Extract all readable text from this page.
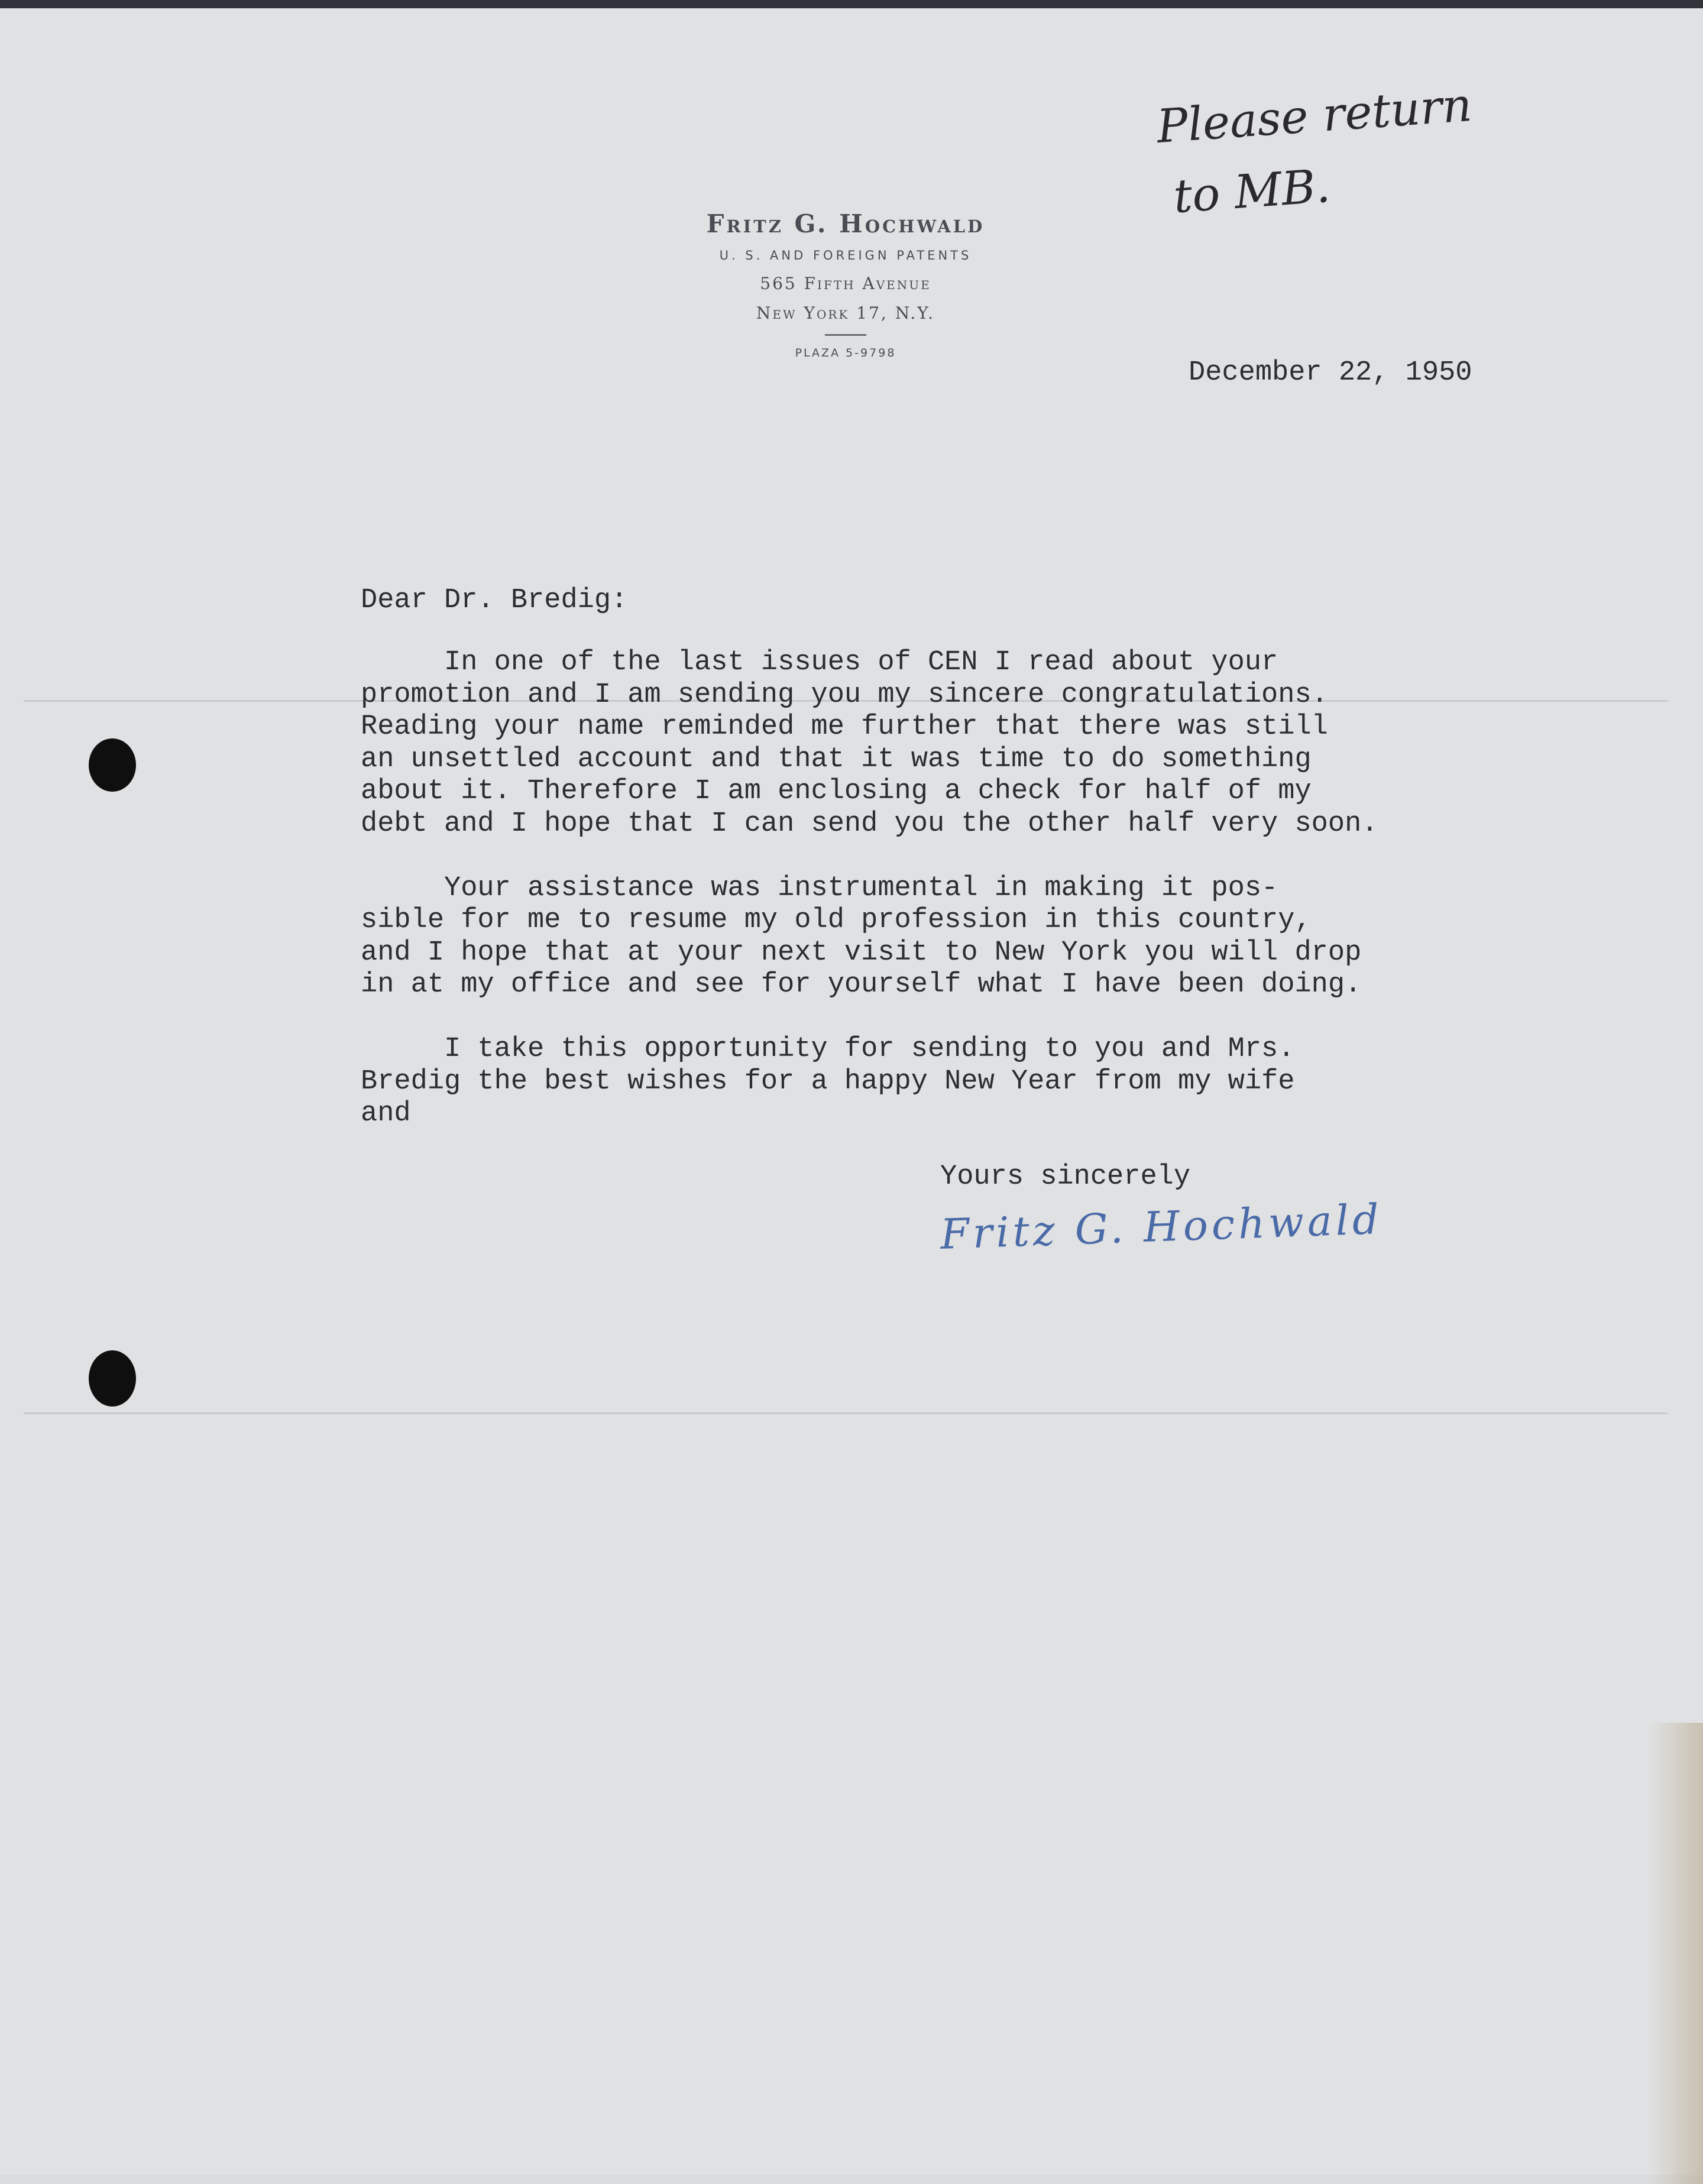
Please return
to MB.
Fritz G. Hochwald
U. S. AND FOREIGN PATENTS
565 Fifth Avenue
New York 17, N.Y.
PLAZA 5-9798
December 22, 1950
Dear Dr. Bredig:
In one of the last issues of CEN I read about your
promotion and I am sending you my sincere congratulations.
Reading your name reminded me further that there was still
an unsettled account and that it was time to do something
about it. Therefore I am enclosing a check for half of my
debt and I hope that I can send you the other half very soon.
Your assistance was instrumental in making it pos-
sible for me to resume my old profession in this country,
and I hope that at your next visit to New York you will drop
in at my office and see for yourself what I have been doing.
I take this opportunity for sending to you and Mrs.
Bredig the best wishes for a happy New Year from my wife
and
Yours sincerely
Fritz G. Hochwald
